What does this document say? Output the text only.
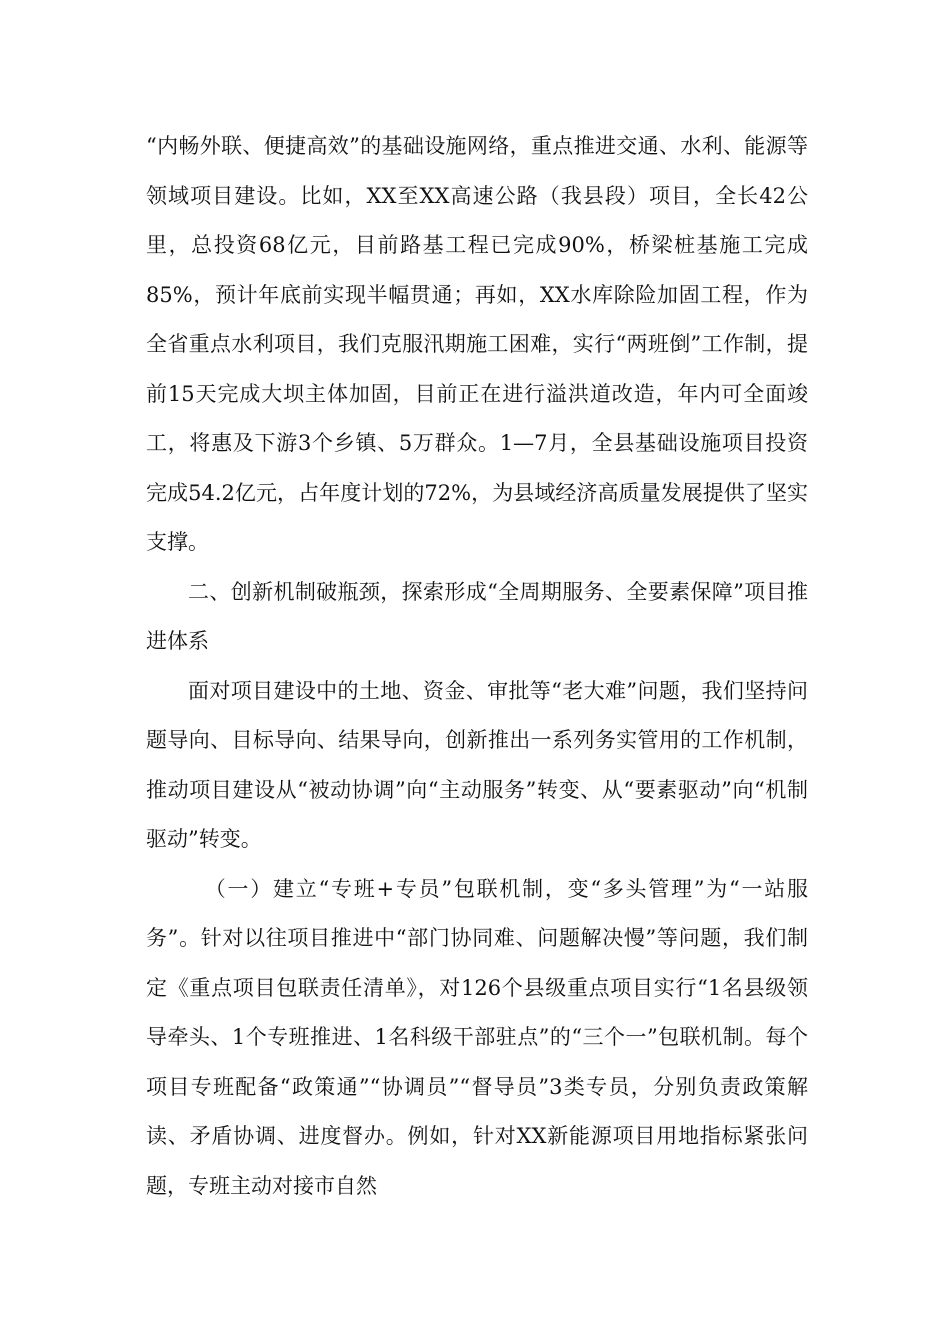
“内畅外联、便捷高效”的基础设施网络，重点推进交通、水利、能源等领域项目建设。比如，XX至XX高速公路（我县段）项目，全长42公里，总投资68亿元，目前路基工程已完成90%，桥梁桩基施工完成85%，预计年底前实现半幅贯通；再如，XX水库除险加固工程，作为全省重点水利项目，我们克服汛期施工困难，实行“两班倒”工作制，提前15天完成大坝主体加固，目前正在进行溢洪道改造，年内可全面竣工，将惠及下游3个乡镇、5万群众。1—7月，全县基础设施项目投资完成54.2亿元，占年度计划的72%，为县域经济高质量发展提供了坚实支撑。

二、创新机制破瓶颈，探索形成“全周期服务、全要素保障”项目推进体系

面对项目建设中的土地、资金、审批等“老大难”问题，我们坚持问题导向、目标导向、结果导向，创新推出一系列务实管用的工作机制，推动项目建设从“被动协调”向“主动服务”转变、从“要素驱动”向“机制驱动”转变。

（一）建立“专班+专员”包联机制，变“多头管理”为“一站服务”。针对以往项目推进中“部门协同难、问题解决慢”等问题，我们制定《重点项目包联责任清单》，对126个县级重点项目实行“1名县级领导牵头、1个专班推进、1名科级干部驻点”的“三个一”包联机制。每个项目专班配备“政策通”“协调员”“督导员”3类专员，分别负责政策解读、矛盾协调、进度督办。例如，针对XX新能源项目用地指标紧张问题，专班主动对接市自然
